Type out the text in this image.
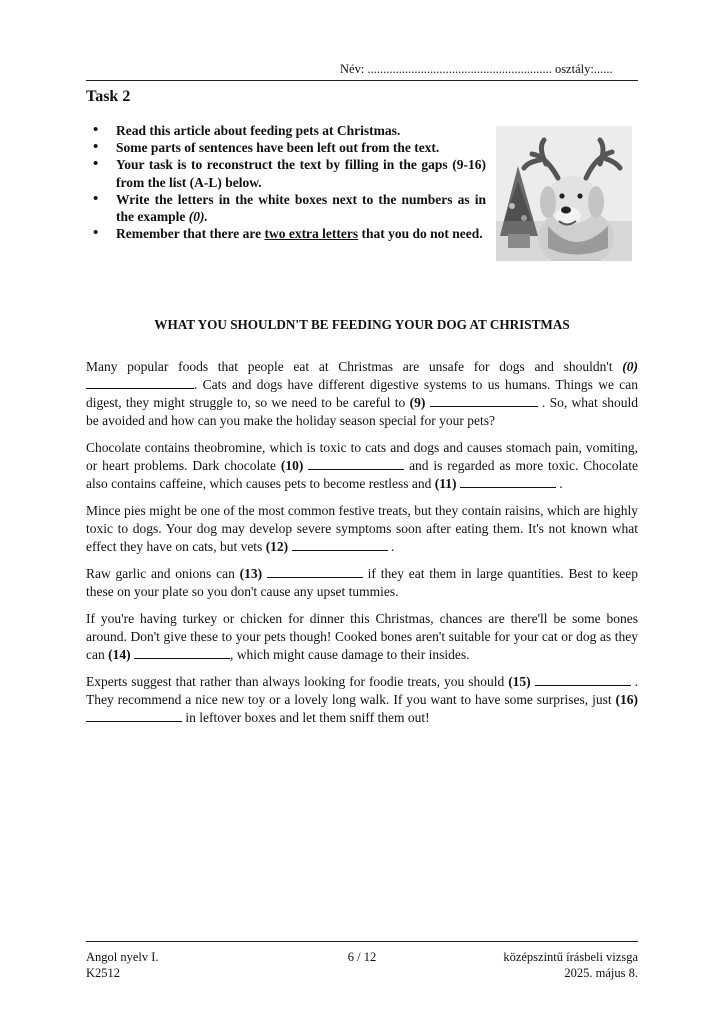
Név: ........................................................... osztály:......
Task 2
• Read this article about feeding pets at Christmas.
• Some parts of sentences have been left out from the text.
• Your task is to reconstruct the text by filling in the gaps (9-16) from the list (A-L) below.
• Write the letters in the white boxes next to the numbers as in the example (0).
• Remember that there are two extra letters that you do not need.
WHAT YOU SHOULDN'T BE FEEDING YOUR DOG AT CHRISTMAS

Many popular foods that people eat at Christmas are unsafe for dogs and shouldn't (0) . Cats and dogs have different digestive systems to us humans. Things we can digest, they might struggle to, so we need to be careful to (9)	. So, what should be avoided and how can you make the holiday season special for your pets?

Chocolate contains theobromine, which is toxic to cats and dogs and causes stomach pain, vomiting, or heart problems. Dark chocolate (10)	and is regarded as more toxic. Chocolate also contains caffeine, which causes pets to become restless and (11)	.

Mince pies might be one of the most common festive treats, but they contain raisins, which are highly toxic to dogs. Your dog may develop severe symptoms soon after eating them. It's not known what effect they have on cats, but vets (12)	.

Raw garlic and onions can (13)	if they eat them in large quantities. Best to keep these on your plate so you don't cause any upset tummies.

If you're having turkey or chicken for dinner this Christmas, chances are there'll be some bones around. Don't give these to your pets though! Cooked bones aren't suitable for your cat or dog as they can (14)	, which might cause damage to their insides.

Experts suggest that rather than always looking for foodie treats, you should (15)	. They recommend a nice new toy or a lovely long walk. If you want to have some surprises, just (16)  in leftover boxes and let them sniff them out!

Angol nyelv I.	6 / 12	középszintű írásbeli vizsga
K2512	2025. május 8.
